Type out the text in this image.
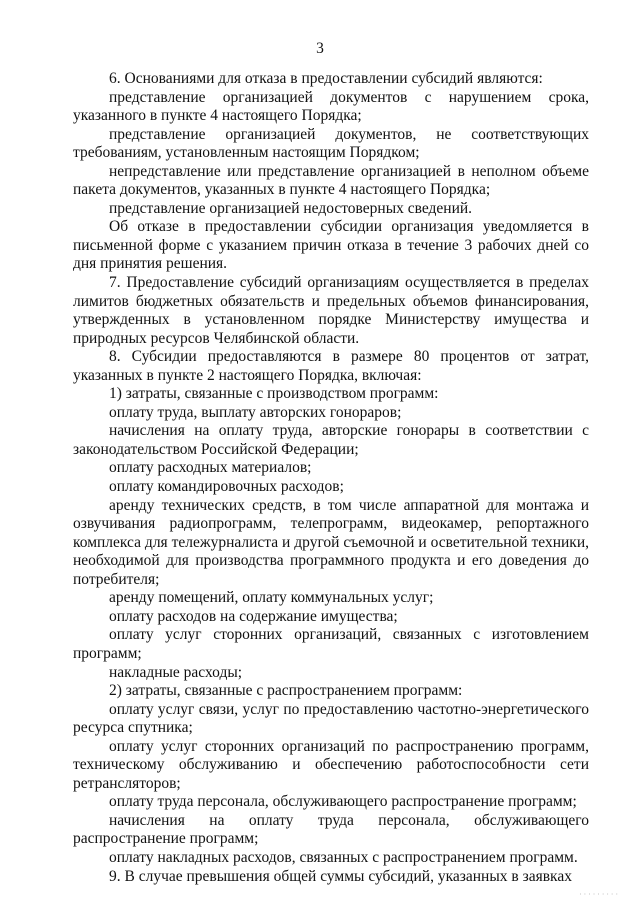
3

6. Основаниями для отказа в предоставлении субсидий являются:

представление организацией документов с нарушением срока, указанного в пункте 4 настоящего Порядка;

представление организацией документов, не соответствующих требованиям, установленным настоящим Порядком;

непредставление или представление организацией в неполном объеме пакета документов, указанных в пункте 4 настоящего Порядка;

представление организацией недостоверных сведений.

Об отказе в предоставлении субсидии организация уведомляется в письменной форме с указанием причин отказа в течение 3 рабочих дней со дня принятия решения.

7. Предоставление субсидий организациям осуществляется в пределах лимитов бюджетных обязательств и предельных объемов финансирования, утвержденных в установленном порядке Министерству имущества и природных ресурсов Челябинской области.

8. Субсидии предоставляются в размере 80 процентов от затрат, указанных в пункте 2 настоящего Порядка, включая:

1) затраты, связанные с производством программ:

оплату труда, выплату авторских гонораров;

начисления на оплату труда, авторские гонорары в соответствии с законодательством Российской Федерации;

оплату расходных материалов;

оплату командировочных расходов;

аренду технических средств, в том числе аппаратной для монтажа и озвучивания радиопрограмм, телепрограмм, видеокамер, репортажного комплекса для тележурналиста и другой съемочной и осветительной техники, необходимой для производства программного продукта и его доведения до потребителя;

аренду помещений, оплату коммунальных услуг;

оплату расходов на содержание имущества;

оплату услуг сторонних организаций, связанных с изготовлением программ;

накладные расходы;

2) затраты, связанные с распространением программ:

оплату услуг связи, услуг по предоставлению частотно-энергетического ресурса спутника;

оплату услуг сторонних организаций по распространению программ, техническому обслуживанию и обеспечению работоспособности сети ретрансляторов;

оплату труда персонала, обслуживающего распространение программ;

начисления на оплату труда персонала, обслуживающего распространение программ;

оплату накладных расходов, связанных с распространением программ.

9. В случае превышения общей суммы субсидий, указанных в заявках

·········
